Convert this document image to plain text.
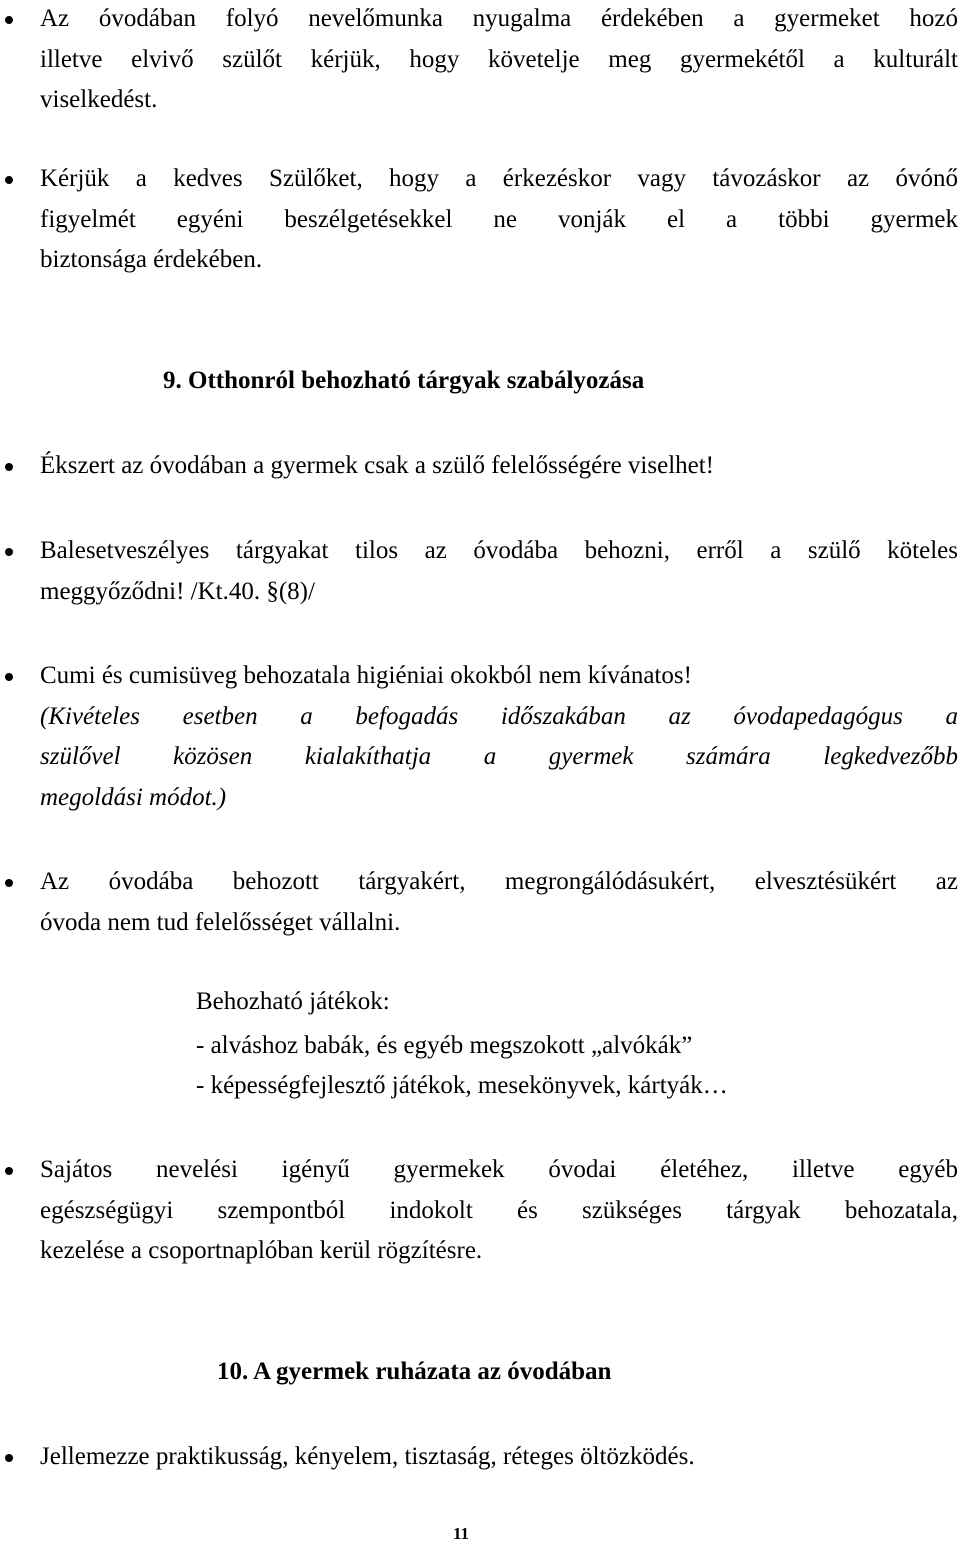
Az óvodában folyó nevelőmunka nyugalma érdekében a gyermeket hozó
illetve elvivő szülőt kérjük, hogy követelje meg gyermekétől a kulturált
viselkedést.
Kérjük a kedves Szülőket, hogy a érkezéskor vagy távozáskor az óvónő
figyelmét egyéni beszélgetésekkel ne vonják el a többi gyermek
biztonsága érdekében.
9. Otthonról behozható tárgyak szabályozása
Ékszert az óvodában a gyermek csak a szülő felelősségére viselhet!
Balesetveszélyes tárgyakat tilos az óvodába behozni, erről a szülő köteles
meggyőződni! /Kt.40. §(8)/
Cumi és cumisüveg behozatala higiéniai okokból nem kívánatos!
(Kivételes esetben a befogadás időszakában az óvodapedagógus a
szülővel közösen kialakíthatja a gyermek számára legkedvezőbb
megoldási módot.)
Az óvodába behozott tárgyakért, megrongálódásukért, elvesztésükért az
óvoda nem tud felelősséget vállalni.
Behozható játékok:
- alváshoz babák, és egyéb megszokott „alvókák”
- képességfejlesztő játékok, mesekönyvek, kártyák…
Sajátos nevelési igényű gyermekek óvodai életéhez, illetve egyéb
egészségügyi szempontból indokolt és szükséges tárgyak behozatala,
kezelése a csoportnaplóban kerül rögzítésre.
10. A gyermek ruházata az óvodában
Jellemezze praktikusság, kényelem, tisztaság, réteges öltözködés.
11
